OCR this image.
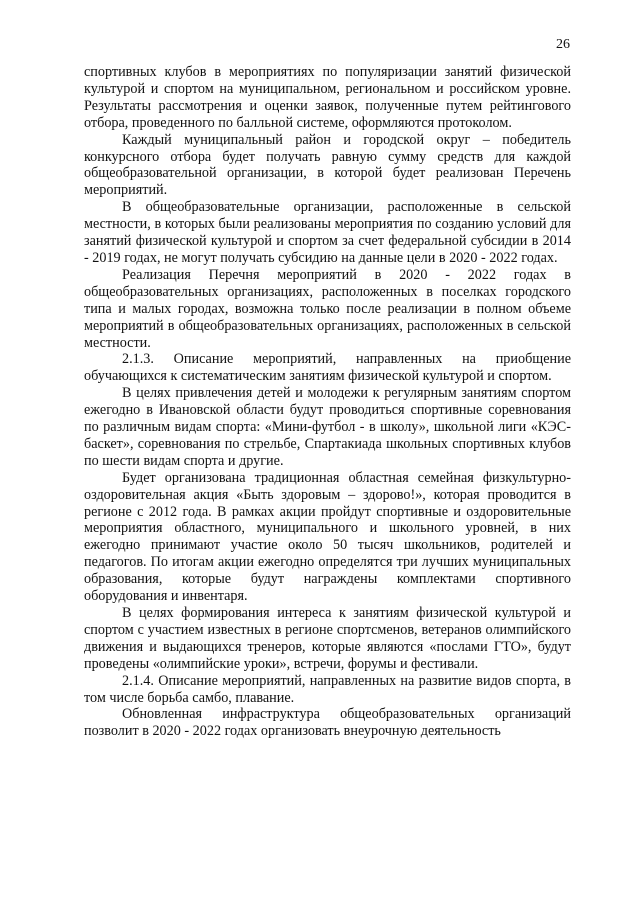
26

спортивных клубов в мероприятиях по популяризации занятий физической культурой и спортом на муниципальном, региональном и российском уровне. Результаты рассмотрения и оценки заявок, полученные путем рейтингового отбора, проведенного по балльной системе, оформляются протоколом.

Каждый муниципальный район и городской округ – победитель конкурсного отбора будет получать равную сумму средств для каждой общеобразовательной организации, в которой будет реализован Перечень мероприятий.

В общеобразовательные организации, расположенные в сельской местности, в которых были реализованы мероприятия по созданию условий для занятий физической культурой и спортом за счет федеральной субсидии в 2014 - 2019 годах, не могут получать субсидию на данные цели в 2020 - 2022 годах.

Реализация Перечня мероприятий в 2020 - 2022 годах в общеобразовательных организациях, расположенных в поселках городского типа и малых городах, возможна только после реализации в полном объеме мероприятий в общеобразовательных организациях, расположенных в сельской местности.

2.1.3. Описание мероприятий, направленных на приобщение обучающихся к систематическим занятиям физической культурой и спортом.

В целях привлечения детей и молодежи к регулярным занятиям спортом ежегодно в Ивановской области будут проводиться спортивные соревнования по различным видам спорта: «Мини-футбол - в школу», школьной лиги «КЭС-баскет», соревнования по стрельбе, Спартакиада школьных спортивных клубов по шести видам спорта и другие.

Будет организована традиционная областная семейная физкультурно-оздоровительная акция «Быть здоровым – здорово!», которая проводится в регионе с 2012 года. В рамках акции пройдут спортивные и оздоровительные мероприятия областного, муниципального и школьного уровней, в них ежегодно принимают участие около 50 тысяч школьников, родителей и педагогов. По итогам акции ежегодно определятся три лучших муниципальных образования, которые будут награждены комплектами спортивного оборудования и инвентаря.

В целях формирования интереса к занятиям физической культурой и спортом с участием известных в регионе спортсменов, ветеранов олимпийского движения и выдающихся тренеров, которые являются «послами ГТО», будут проведены «олимпийские уроки», встречи, форумы и фестивали.

2.1.4. Описание мероприятий, направленных на развитие видов спорта, в том числе борьба самбо, плавание.

Обновленная инфраструктура общеобразовательных организаций позволит в 2020 - 2022 годах организовать внеурочную деятельность
